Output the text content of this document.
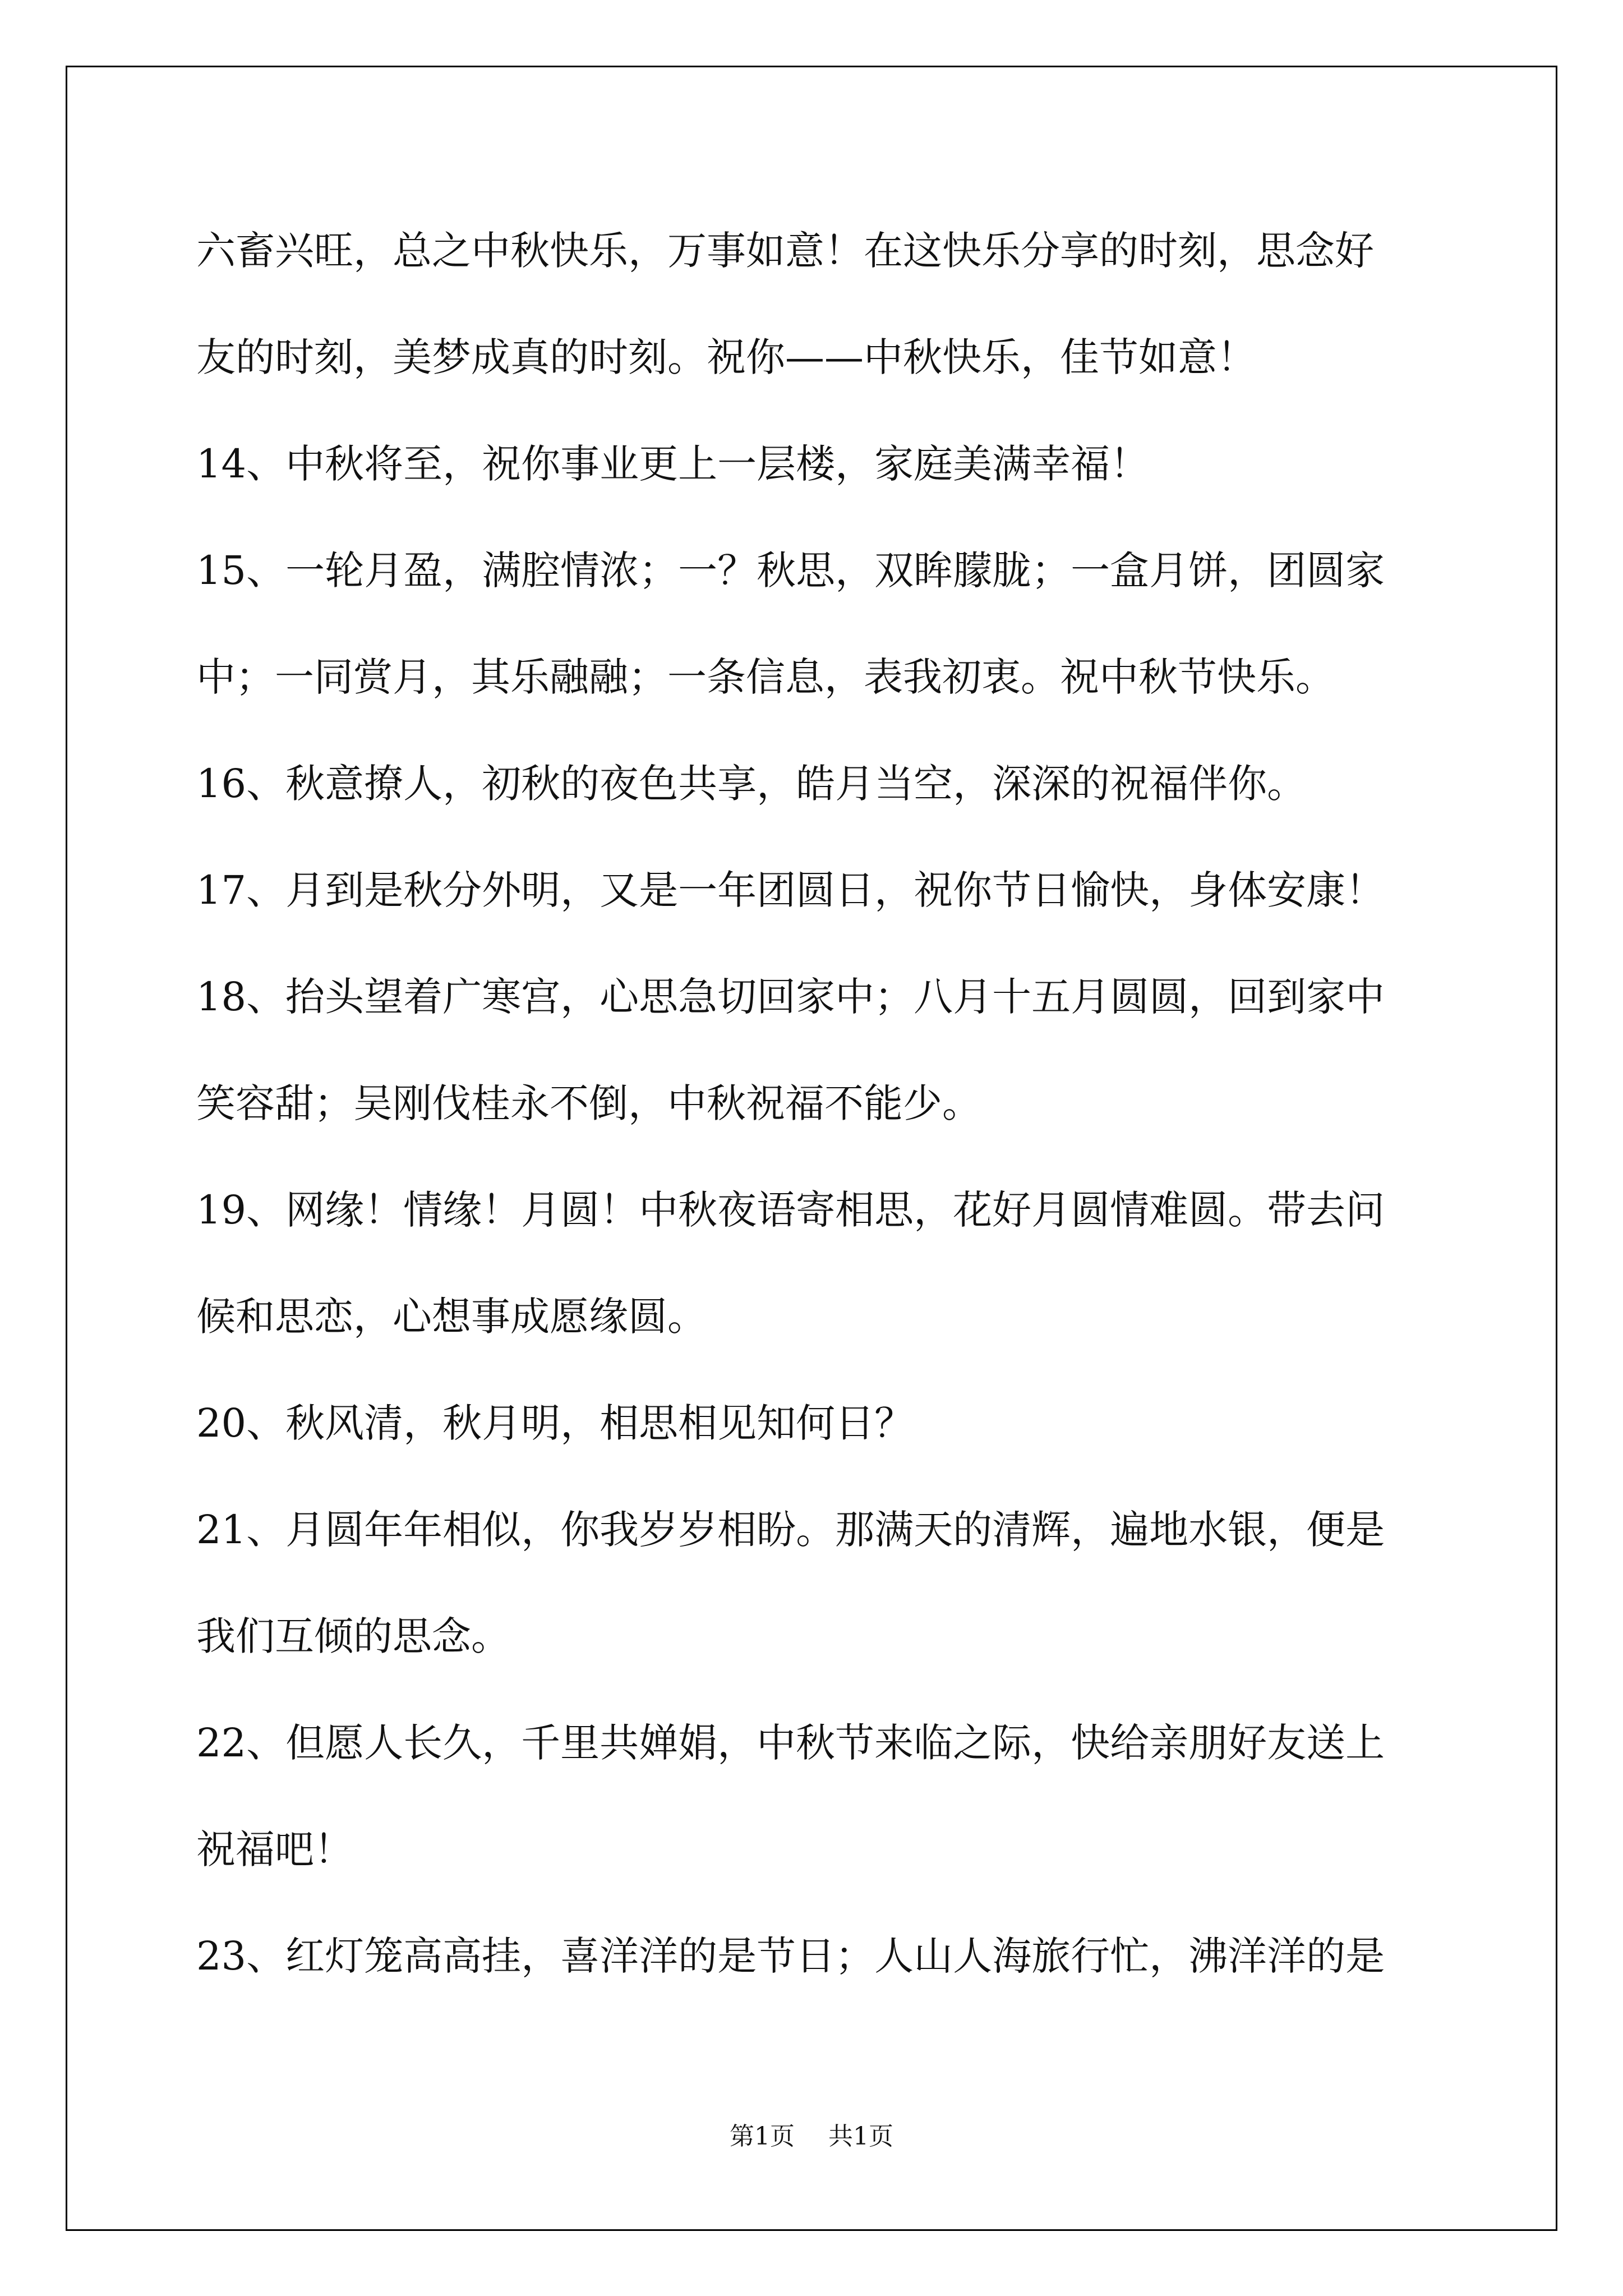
六畜兴旺，总之中秋快乐，万事如意！在这快乐分享的时刻，思念好
友的时刻，美梦成真的时刻。祝你——中秋快乐，佳节如意！
14、中秋将至，祝你事业更上一层楼，家庭美满幸福！
15、一轮月盈，满腔情浓；一？秋思，双眸朦胧；一盒月饼，团圆家
中；一同赏月，其乐融融；一条信息，表我初衷。祝中秋节快乐。
16、秋意撩人，初秋的夜色共享，皓月当空，深深的祝福伴你。
17、月到是秋分外明，又是一年团圆日，祝你节日愉快，身体安康！
18、抬头望着广寒宫，心思急切回家中；八月十五月圆圆，回到家中
笑容甜；吴刚伐桂永不倒，中秋祝福不能少。
19、网缘！情缘！月圆！中秋夜语寄相思，花好月圆情难圆。带去问
候和思恋，心想事成愿缘圆。
20、秋风清，秋月明，相思相见知何日？
21、月圆年年相似，你我岁岁相盼。那满天的清辉，遍地水银，便是
我们互倾的思念。
22、但愿人长久，千里共婵娟，中秋节来临之际，快给亲朋好友送上
祝福吧！
23、红灯笼高高挂，喜洋洋的是节日；人山人海旅行忙，沸洋洋的是
第1页 共1页
